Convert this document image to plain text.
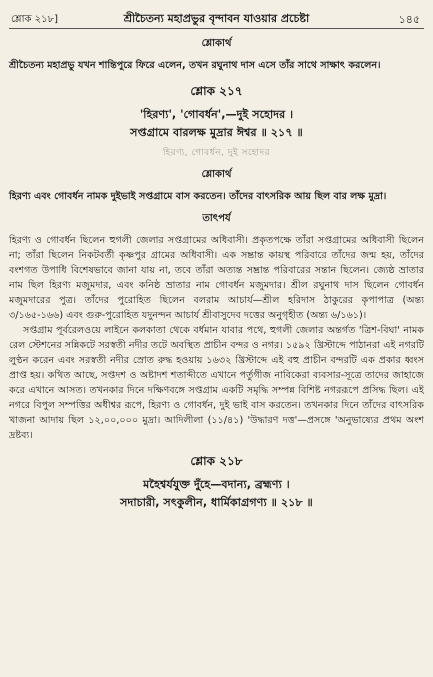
শ্লোক ২১৮]	শ্রীচৈতন্য মহাপ্রভুর বৃন্দাবন যাওয়ার প্রচেষ্টা	১৪৫
শ্লোকার্থ

শ্রীচৈতন্য মহাপ্রভু যখন শান্তিপুরে ফিরে এলেন, তখন রঘুনাথ দাস এসে তাঁর সাথে সাক্ষাৎ করলেন।

শ্লোক ২১৭

'হিরণ্য', 'গোবর্ধন',—দুই সহোদর ।

সপ্তগ্রামে বারলক্ষ মুদ্রার ঈশ্বর ॥ ২১৭ ॥

হিরণ্য, গোবর্ধন, দুই সহোদর
শ্লোকার্থ

হিরণ্য এবং গোবর্ধন নামক দুইভাই সপ্তগ্রামে বাস করতেন। তাঁদের বাৎসরিক আয় ছিল বার লক্ষ মুদ্রা।

তাৎপর্য

হিরণ্য ও গোবর্ধন ছিলেন হুগলী জেলার সপ্তগ্রামের অধিবাসী। প্রকৃতপক্ষে তাঁরা সপ্তগ্রামের অধিবাসী ছিলেন না; তাঁরা ছিলেন নিকটবর্তী কৃষ্ণপুর গ্রামের অধিবাসী। এক সম্ভ্রান্ত কায়স্থ পরিবারে তাঁদের জন্ম হয়, তাঁদের বংশগত উপাধি বিশেষভাবে জানা যায় না, তবে তাঁরা অত্যন্ত সম্ভ্রান্ত পরিবারের সন্তান ছিলেন। জ্যেষ্ঠ ভ্রাতার নাম ছিল হিরণ্য মজুমদার, এবং কনিষ্ঠ ভ্রাতার নাম গোবর্ধন মজুমদার। শ্রীল রঘুনাথ দাস ছিলেন গোবর্ধন মজুমদারের পুত্র। তাঁদের পুরোহিত ছিলেন বলরাম আচার্য—শ্রীল হরিদাস ঠাকুরের কৃপাপাত্র (অন্ত্য ৩/১৬৫-১৬৬) এবং গুরু-পুরোহিত যদুনন্দন আচার্য শ্রীবাসুদেব দত্তের অনুগৃহীত (অন্ত্য ৬/১৬১)।

সপ্তগ্রাম পূর্বরেলওয়ে লাইনে কলকাতা থেকে বর্ধমান যাবার পথে, হুগলী জেলার অন্তর্গত 'ত্রিশ-বিঘা' নামক রেল স্টেশনের সন্নিকটে সরস্বতী নদীর তটে অবস্থিত প্রাচীন বন্দর ও নগর। ১৫৯২ খ্রিস্টাব্দে পাঠানরা এই নগরটি লুণ্ঠন করেন এবং সরস্বতী নদীর স্রোত রুদ্ধ হওয়ায় ১৬৩২ খ্রিস্টাব্দে এই বহু প্রাচীন বন্দরটি এক প্রকার ধ্বংস প্রাপ্ত হয়। কথিত আছে, সপ্তদশ ও অষ্টাদশ শতাব্দীতে এখানে পর্তুগীজ নাবিকেরা ব্যবসার-সূত্রে তাদের জাহাজে করে এখানে আসত। তখনকার দিনে দক্ষিণবঙ্গে সপ্তগ্রাম একটি সমৃদ্ধি সম্পন্ন বিশিষ্ট নগররূপে প্রসিদ্ধ ছিল। এই নগরে বিপুল সম্পত্তির অধীশ্বর রূপে, হিরণ্য ও গোবর্ধন, দুই ভাই বাস করতেন। তখনকার দিনে তাঁদের বাৎসরিক খাজনা আদায় ছিল ১২,০০,০০০ মুদ্রা। আদিলীলা (১১/৪১) 'উদ্ধারণ দত্ত'—প্রসঙ্গে 'অনুভাষ্যের প্রথম অংশ দ্রষ্টব্য।

শ্লোক ২১৮

মহৈশ্বর্যযুক্ত দুঁহে—বদান্য, ব্রহ্মণ্য ।

সদাচারী, সৎকুলীন, ধার্মিকাগ্রগণ্য ॥ ২১৮ ॥
